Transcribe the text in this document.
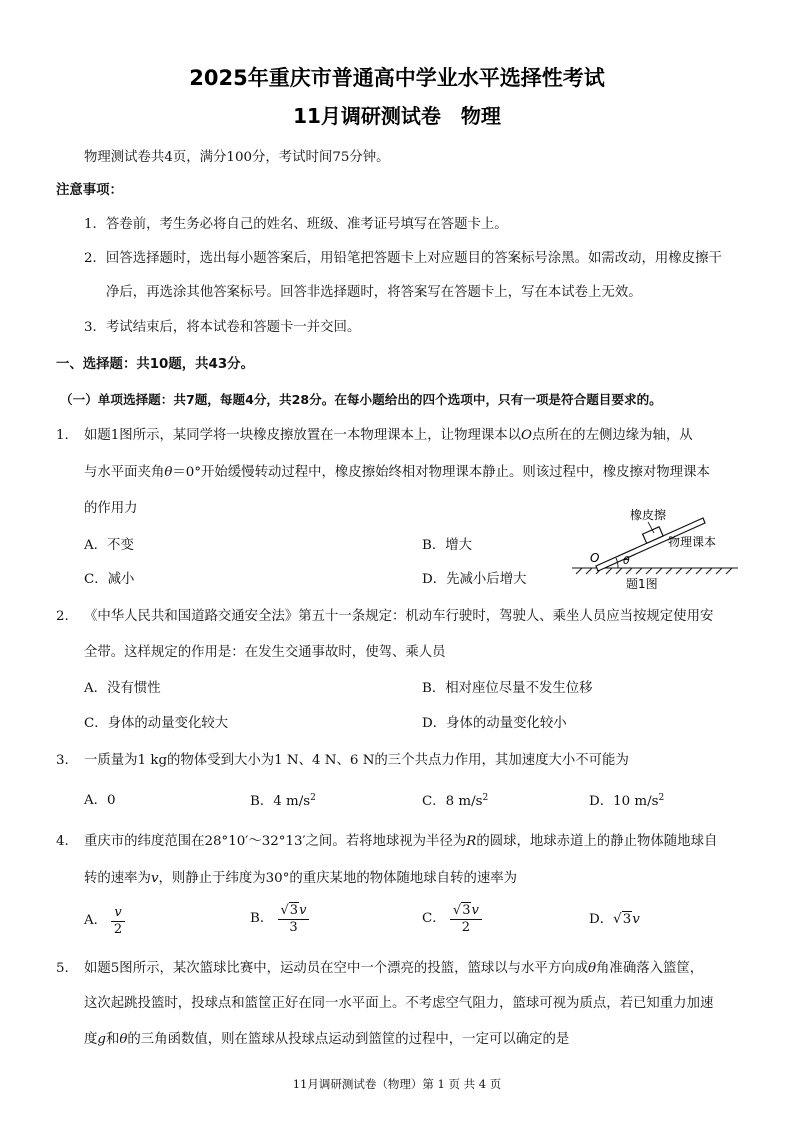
2025年重庆市普通高中学业水平选择性考试
11月调研测试卷　物理
物理测试卷共4页，满分100分，考试时间75分钟。
注意事项：
1．答卷前，考生务必将自己的姓名、班级、准考证号填写在答题卡上。
2．回答选择题时，选出每小题答案后，用铅笔把答题卡上对应题目的答案标号涂黑。如需改动，用橡皮擦干
净后，再选涂其他答案标号。回答非选择题时，将答案写在答题卡上，写在本试卷上无效。
3．考试结束后，将本试卷和答题卡一并交回。
一、选择题：共10题，共43分。
（一）单项选择题：共7题，每题4分，共28分。在每小题给出的四个选项中，只有一项是符合题目要求的。
1. 如题1图所示，某同学将一块橡皮擦放置在一本物理课本上，让物理课本以O点所在的左侧边缘为轴，从
与水平面夹角θ＝0°开始缓慢转动过程中，橡皮擦始终相对物理课本静止。则该过程中，橡皮擦对物理课本
的作用力
A．不变	B．增大
C．减小	D．先减小后增大
橡皮擦
物理课本
O θ
题1图
2. 《中华人民共和国道路交通安全法》第五十一条规定：机动车行驶时，驾驶人、乘坐人员应当按规定使用安
全带。这样规定的作用是：在发生交通事故时，使驾、乘人员
A．没有惯性	B．相对座位尽量不发生位移
C．身体的动量变化较大	D．身体的动量变化较小
3. 一质量为1 kg的物体受到大小为1 N、4 N、6 N的三个共点力作用，其加速度大小不可能为
A．0	B．4 $m/s^2$	C．8 $m/s^2$	D．10 $m/s^2$
4. 重庆市的纬度范围在28°10′～32°13′之间。若将地球视为半径为R的圆球，地球赤道上的静止物体随地球自
转的速率为v，则静止于纬度为30°的重庆某地的物体随地球自转的速率为
A． $\frac{v}{2}$	B． $\frac{√3v}{3}$	C． $\frac{√3v}{2}$	D．√3v
5. 如题5图所示，某次篮球比赛中，运动员在空中一个漂亮的投篮，篮球以与水平方向成θ角准确落入篮筐，
这次起跳投篮时，投球点和篮筐正好在同一水平面上。不考虑空气阻力，篮球可视为质点，若已知重力加速
度g和θ的三角函数值，则在篮球从投球点运动到篮筐的过程中，一定可以确定的是
11月调研测试卷（物理）第 1 页 共 4 页
